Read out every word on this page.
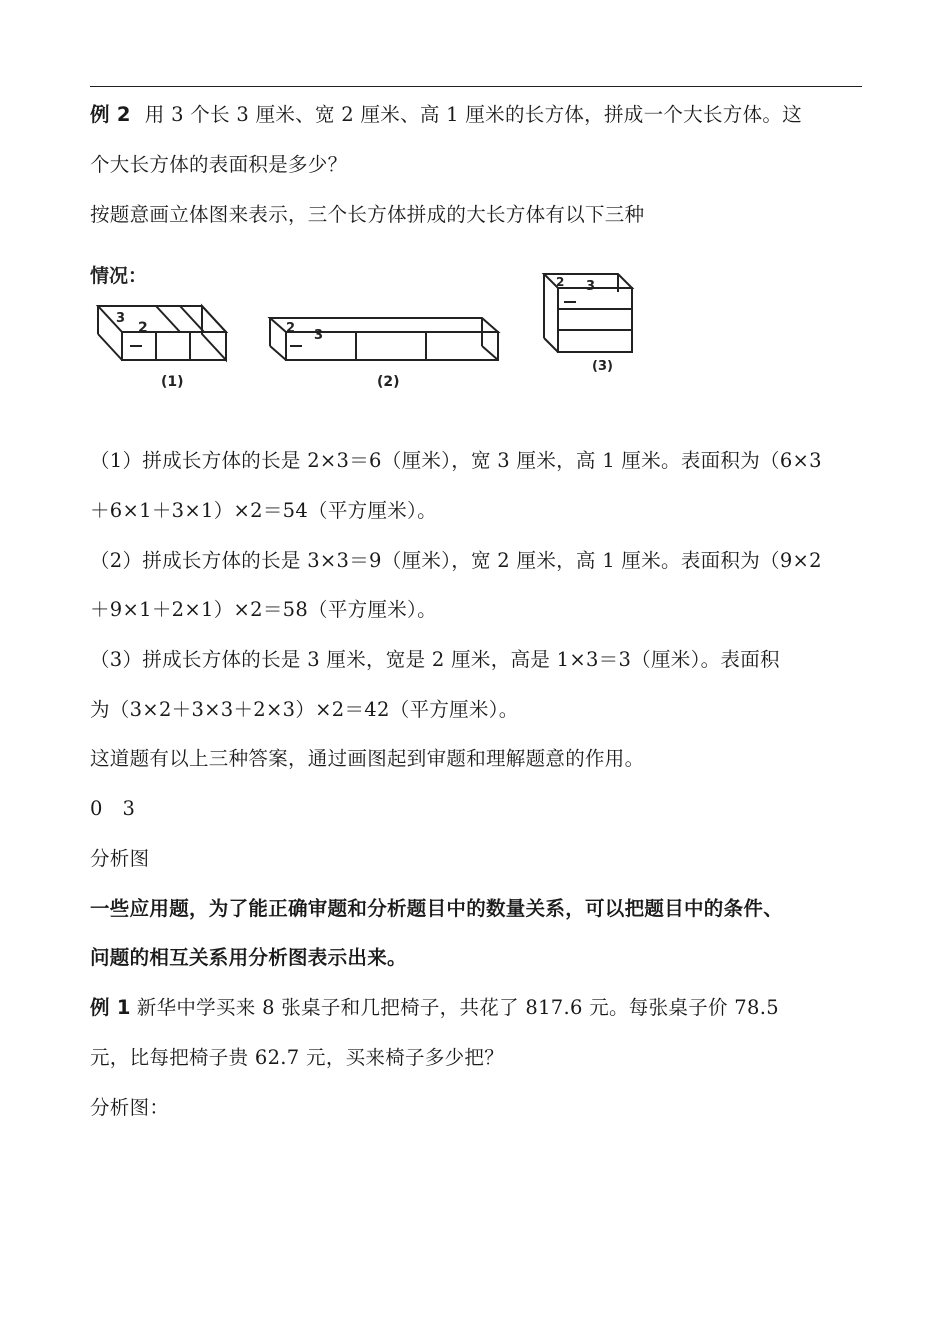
例 2 用 3 个长 3 厘米、宽 2 厘米、高 1 厘米的长方体，拼成一个大长方体。这
个大长方体的表面积是多少？
按题意画立体图来表示，三个长方体拼成的大长方体有以下三种
情况：
3
2
(1)
2 3
(2)
2 3
(3)
（1）拼成长方体的长是 2×3＝6（厘米），宽 3 厘米，高 1 厘米。表面积为（6×3
＋6×1＋3×1）×2＝54（平方厘米）。
（2）拼成长方体的长是 3×3＝9（厘米），宽 2 厘米，高 1 厘米。表面积为（9×2
＋9×1＋2×1）×2＝58（平方厘米）。
（3）拼成长方体的长是 3 厘米，宽是 2 厘米，高是 1×3＝3（厘米）。表面积
为（3×2＋3×3＋2×3）×2＝42（平方厘米）。
这道题有以上三种答案，通过画图起到审题和理解题意的作用。
0　3
分析图
一些应用题，为了能正确审题和分析题目中的数量关系，可以把题目中的条件、
问题的相互关系用分析图表示出来。
例 1 新华中学买来 8 张桌子和几把椅子，共花了 817.6 元。每张桌子价 78.5
元，比每把椅子贵 62.7 元，买来椅子多少把？
分析图：
